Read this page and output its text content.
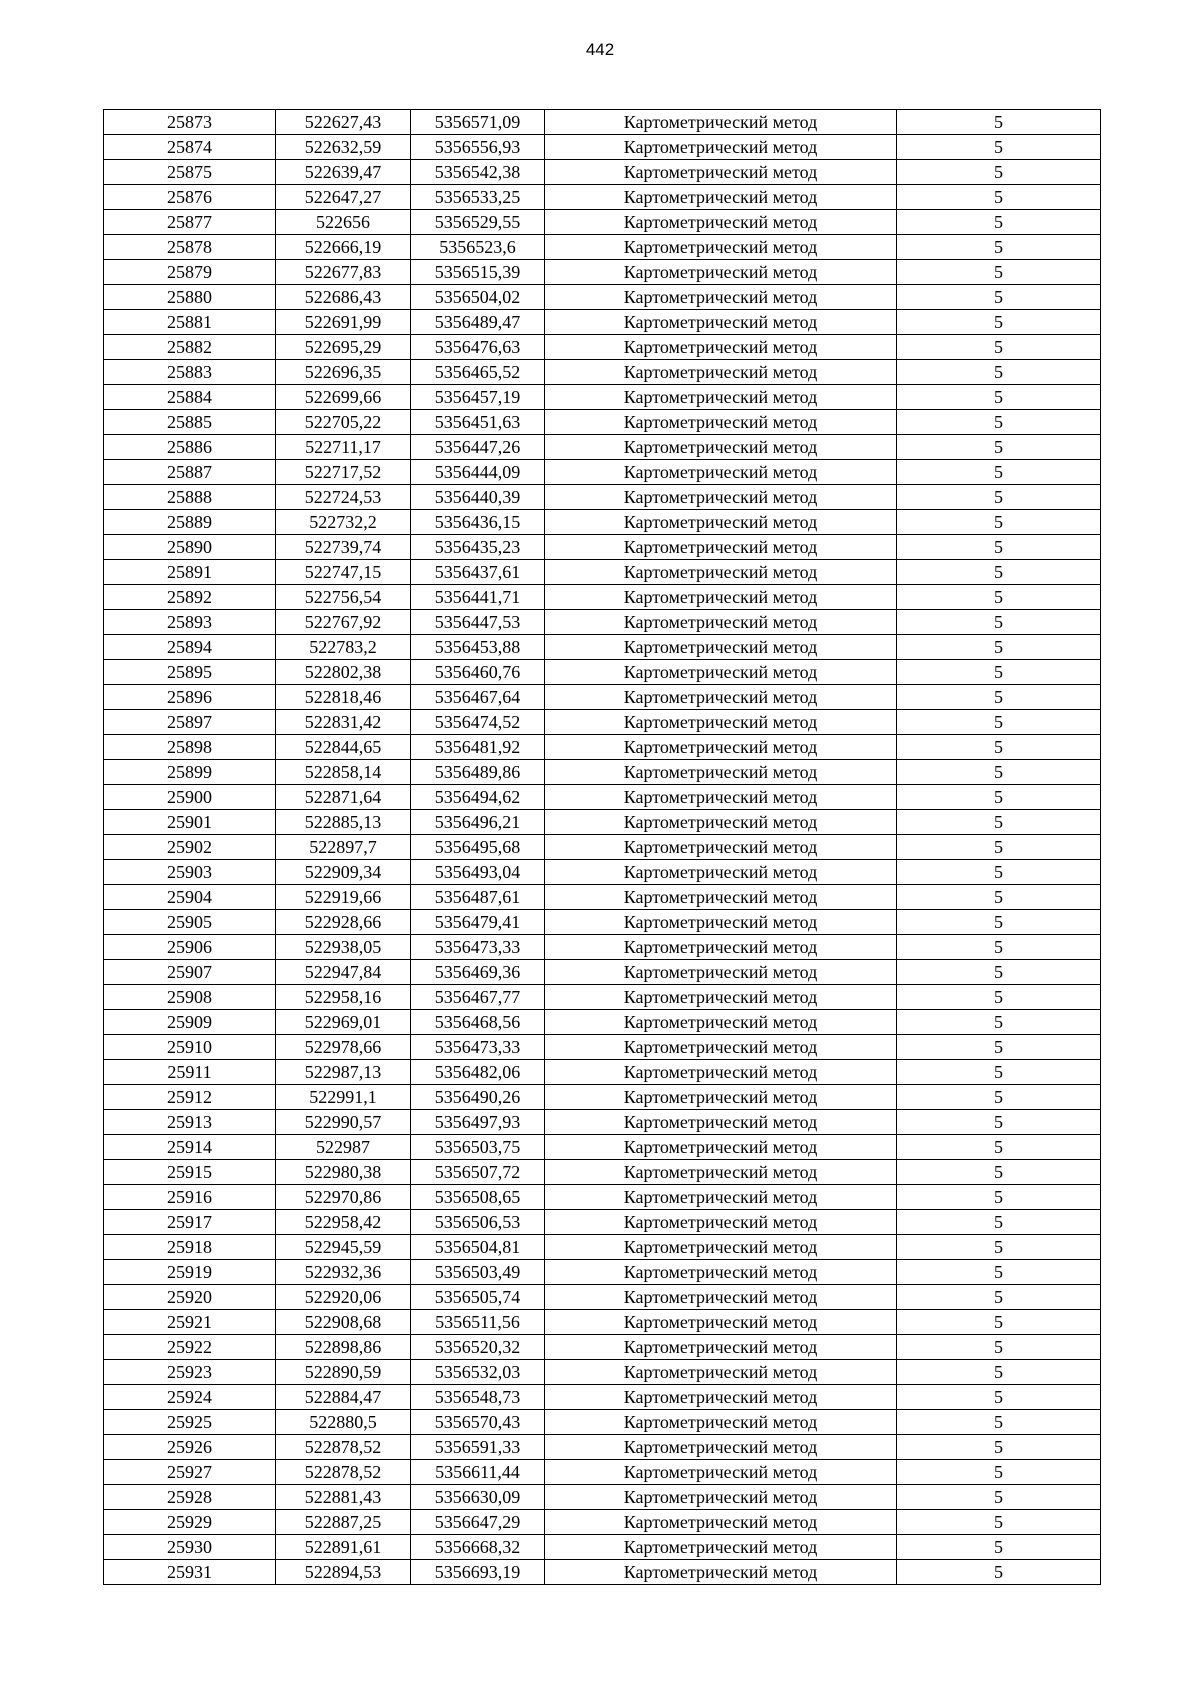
442
25873	522627,43	5356571,09	Картометрический метод	5
25874	522632,59	5356556,93	Картометрический метод	5
25875	522639,47	5356542,38	Картометрический метод	5
25876	522647,27	5356533,25	Картометрический метод	5
25877	522656	5356529,55	Картометрический метод	5
25878	522666,19	5356523,6	Картометрический метод	5
25879	522677,83	5356515,39	Картометрический метод	5
25880	522686,43	5356504,02	Картометрический метод	5
25881	522691,99	5356489,47	Картометрический метод	5
25882	522695,29	5356476,63	Картометрический метод	5
25883	522696,35	5356465,52	Картометрический метод	5
25884	522699,66	5356457,19	Картометрический метод	5
25885	522705,22	5356451,63	Картометрический метод	5
25886	522711,17	5356447,26	Картометрический метод	5
25887	522717,52	5356444,09	Картометрический метод	5
25888	522724,53	5356440,39	Картометрический метод	5
25889	522732,2	5356436,15	Картометрический метод	5
25890	522739,74	5356435,23	Картометрический метод	5
25891	522747,15	5356437,61	Картометрический метод	5
25892	522756,54	5356441,71	Картометрический метод	5
25893	522767,92	5356447,53	Картометрический метод	5
25894	522783,2	5356453,88	Картометрический метод	5
25895	522802,38	5356460,76	Картометрический метод	5
25896	522818,46	5356467,64	Картометрический метод	5
25897	522831,42	5356474,52	Картометрический метод	5
25898	522844,65	5356481,92	Картометрический метод	5
25899	522858,14	5356489,86	Картометрический метод	5
25900	522871,64	5356494,62	Картометрический метод	5
25901	522885,13	5356496,21	Картометрический метод	5
25902	522897,7	5356495,68	Картометрический метод	5
25903	522909,34	5356493,04	Картометрический метод	5
25904	522919,66	5356487,61	Картометрический метод	5
25905	522928,66	5356479,41	Картометрический метод	5
25906	522938,05	5356473,33	Картометрический метод	5
25907	522947,84	5356469,36	Картометрический метод	5
25908	522958,16	5356467,77	Картометрический метод	5
25909	522969,01	5356468,56	Картометрический метод	5
25910	522978,66	5356473,33	Картометрический метод	5
25911	522987,13	5356482,06	Картометрический метод	5
25912	522991,1	5356490,26	Картометрический метод	5
25913	522990,57	5356497,93	Картометрический метод	5
25914	522987	5356503,75	Картометрический метод	5
25915	522980,38	5356507,72	Картометрический метод	5
25916	522970,86	5356508,65	Картометрический метод	5
25917	522958,42	5356506,53	Картометрический метод	5
25918	522945,59	5356504,81	Картометрический метод	5
25919	522932,36	5356503,49	Картометрический метод	5
25920	522920,06	5356505,74	Картометрический метод	5
25921	522908,68	5356511,56	Картометрический метод	5
25922	522898,86	5356520,32	Картометрический метод	5
25923	522890,59	5356532,03	Картометрический метод	5
25924	522884,47	5356548,73	Картометрический метод	5
25925	522880,5	5356570,43	Картометрический метод	5
25926	522878,52	5356591,33	Картометрический метод	5
25927	522878,52	5356611,44	Картометрический метод	5
25928	522881,43	5356630,09	Картометрический метод	5
25929	522887,25	5356647,29	Картометрический метод	5
25930	522891,61	5356668,32	Картометрический метод	5
25931	522894,53	5356693,19	Картометрический метод	5
